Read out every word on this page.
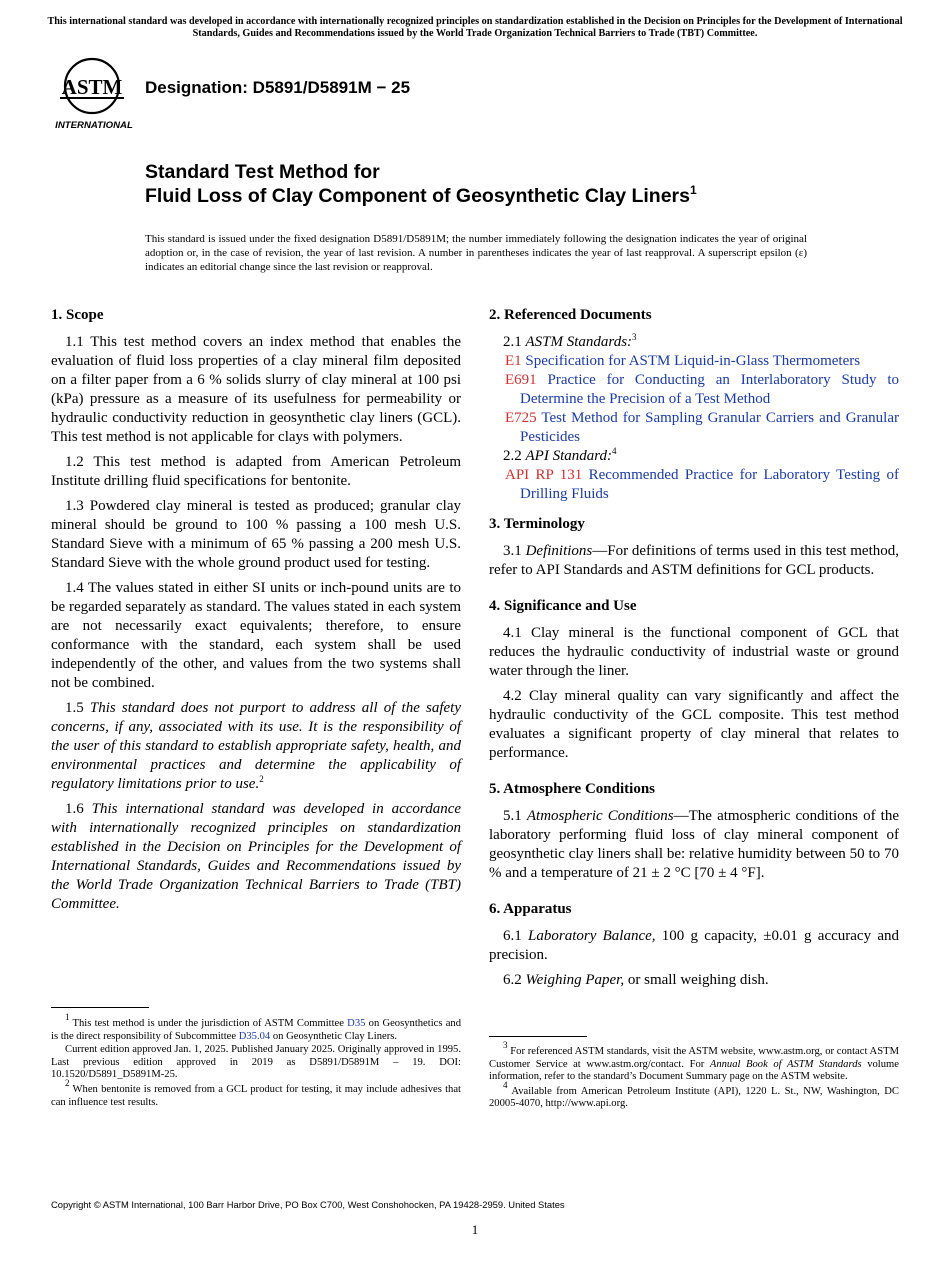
This international standard was developed in accordance with internationally recognized principles on standardization established in the Decision on Principles for the Development of International Standards, Guides and Recommendations issued by the World Trade Organization Technical Barriers to Trade (TBT) Committee.
ASTM
INTERNATIONAL
Designation: D5891/D5891M − 25
Standard Test Method for
Fluid Loss of Clay Component of Geosynthetic Clay Liners$^1$
This standard is issued under the fixed designation D5891/D5891M; the number immediately following the designation indicates the year of original adoption or, in the case of revision, the year of last revision. A number in parentheses indicates the year of last reapproval. A superscript epsilon (ε) indicates an editorial change since the last revision or reapproval.
1. Scope

1.1 This test method covers an index method that enables the evaluation of fluid loss properties of a clay mineral film deposited on a filter paper from a 6 % solids slurry of clay mineral at 100 psi (kPa) pressure as a measure of its usefulness for permeability or hydraulic conductivity reduction in geosynthetic clay liners (GCL). This test method is not applicable for clays with polymers.

1.2 This test method is adapted from American Petroleum Institute drilling fluid specifications for bentonite.

1.3 Powdered clay mineral is tested as produced; granular clay mineral should be ground to 100 % passing a 100 mesh U.S. Standard Sieve with a minimum of 65 % passing a 200 mesh U.S. Standard Sieve with the whole ground product used for testing.

1.4 The values stated in either SI units or inch-pound units are to be regarded separately as standard. The values stated in each system are not necessarily exact equivalents; therefore, to ensure conformance with the standard, each system shall be used independently of the other, and values from the two systems shall not be combined.

1.5 This standard does not purport to address all of the safety concerns, if any, associated with its use. It is the responsibility of the user of this standard to establish appropriate safety, health, and environmental practices and determine the applicability of regulatory limitations prior to use.$^2$

1.6 This international standard was developed in accordance with internationally recognized principles on standardization established in the Decision on Principles for the Development of International Standards, Guides and Recommendations issued by the World Trade Organization Technical Barriers to Trade (TBT) Committee.

2. Referenced Documents

2.1 ASTM Standards:$^3$

E1 Specification for ASTM Liquid-in-Glass Thermometers

E691 Practice for Conducting an Interlaboratory Study to Determine the Precision of a Test Method

E725 Test Method for Sampling Granular Carriers and Granular Pesticides

2.2 API Standard:$^4$

API RP 131 Recommended Practice for Laboratory Testing of Drilling Fluids

3. Terminology

3.1 Definitions—For definitions of terms used in this test method, refer to API Standards and ASTM definitions for GCL products.

4. Significance and Use

4.1 Clay mineral is the functional component of GCL that reduces the hydraulic conductivity of industrial waste or ground water through the liner.

4.2 Clay mineral quality can vary significantly and affect the hydraulic conductivity of the GCL composite. This test method evaluates a significant property of clay mineral that relates to performance.

5. Atmosphere Conditions

5.1 Atmospheric Conditions—The atmospheric conditions of the laboratory performing fluid loss of clay mineral component of geosynthetic clay liners shall be: relative humidity between 50 to 70 % and a temperature of 21 ± 2 °C [70 ± 4 °F].

6. Apparatus

6.1 Laboratory Balance, 100 g capacity, ±0.01 g accuracy and precision.

6.2 Weighing Paper, or small weighing dish.

$^1$ This test method is under the jurisdiction of ASTM Committee D35 on Geosynthetics and is the direct responsibility of Subcommittee D35.04 on Geosynthetic Clay Liners.

Current edition approved Jan. 1, 2025. Published January 2025. Originally approved in 1995. Last previous edition approved in 2019 as D5891/D5891M – 19. DOI: 10.1520/D5891_D5891M-25.

$^2$ When bentonite is removed from a GCL product for testing, it may include adhesives that can influence test results.

$^3$ For referenced ASTM standards, visit the ASTM website, www.astm.org, or contact ASTM Customer Service at www.astm.org/contact. For Annual Book of ASTM Standards volume information, refer to the standard’s Document Summary page on the ASTM website.

$^4$ Available from American Petroleum Institute (API), 1220 L. St., NW, Washington, DC 20005-4070, http://www.api.org.

Copyright © ASTM International, 100 Barr Harbor Drive, PO Box C700, West Conshohocken, PA 19428-2959. United States
1
